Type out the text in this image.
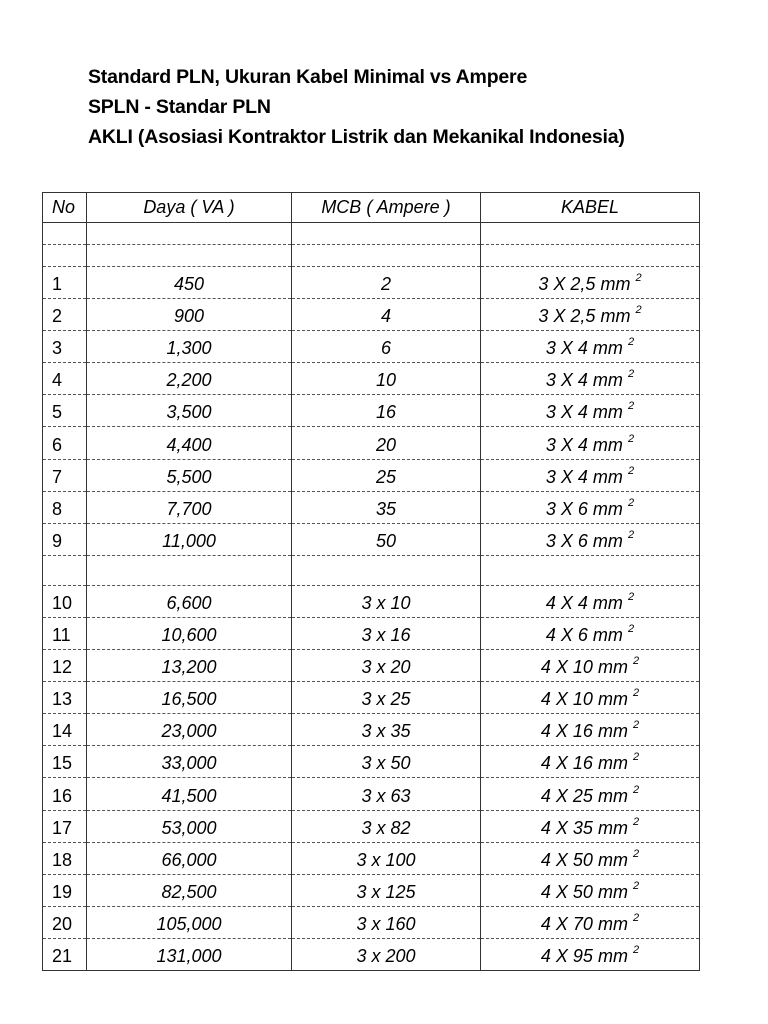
Standard PLN, Ukuran Kabel Minimal vs Ampere
SPLN - Standar PLN
AKLI (Asosiasi Kontraktor Listrik dan Mekanikal Indonesia)
No	Daya ( VA )	MCB ( Ampere )	KABEL

1	450	2	3 X 2,5 mm $^2$
2	900	4	3 X 2,5 mm $^2$
3	1,300	6	3 X 4 mm $^2$
4	2,200	10	3 X 4 mm $^2$
5	3,500	16	3 X 4 mm $^2$
6	4,400	20	3 X 4 mm $^2$
7	5,500	25	3 X 4 mm $^2$
8	7,700	35	3 X 6 mm $^2$
9	11,000	50	3 X 6 mm $^2$

10	6,600	3 x 10	4 X 4 mm $^2$
11	10,600	3 x 16	4 X 6 mm $^2$
12	13,200	3 x 20	4 X 10 mm $^2$
13	16,500	3 x 25	4 X 10 mm $^2$
14	23,000	3 x 35	4 X 16 mm $^2$
15	33,000	3 x 50	4 X 16 mm $^2$
16	41,500	3 x 63	4 X 25 mm $^2$
17	53,000	3 x 82	4 X 35 mm $^2$
18	66,000	3 x 100	4 X 50 mm $^2$
19	82,500	3 x 125	4 X 50 mm $^2$
20	105,000	3 x 160	4 X 70 mm $^2$
21	131,000	3 x 200	4 X 95 mm $^2$
